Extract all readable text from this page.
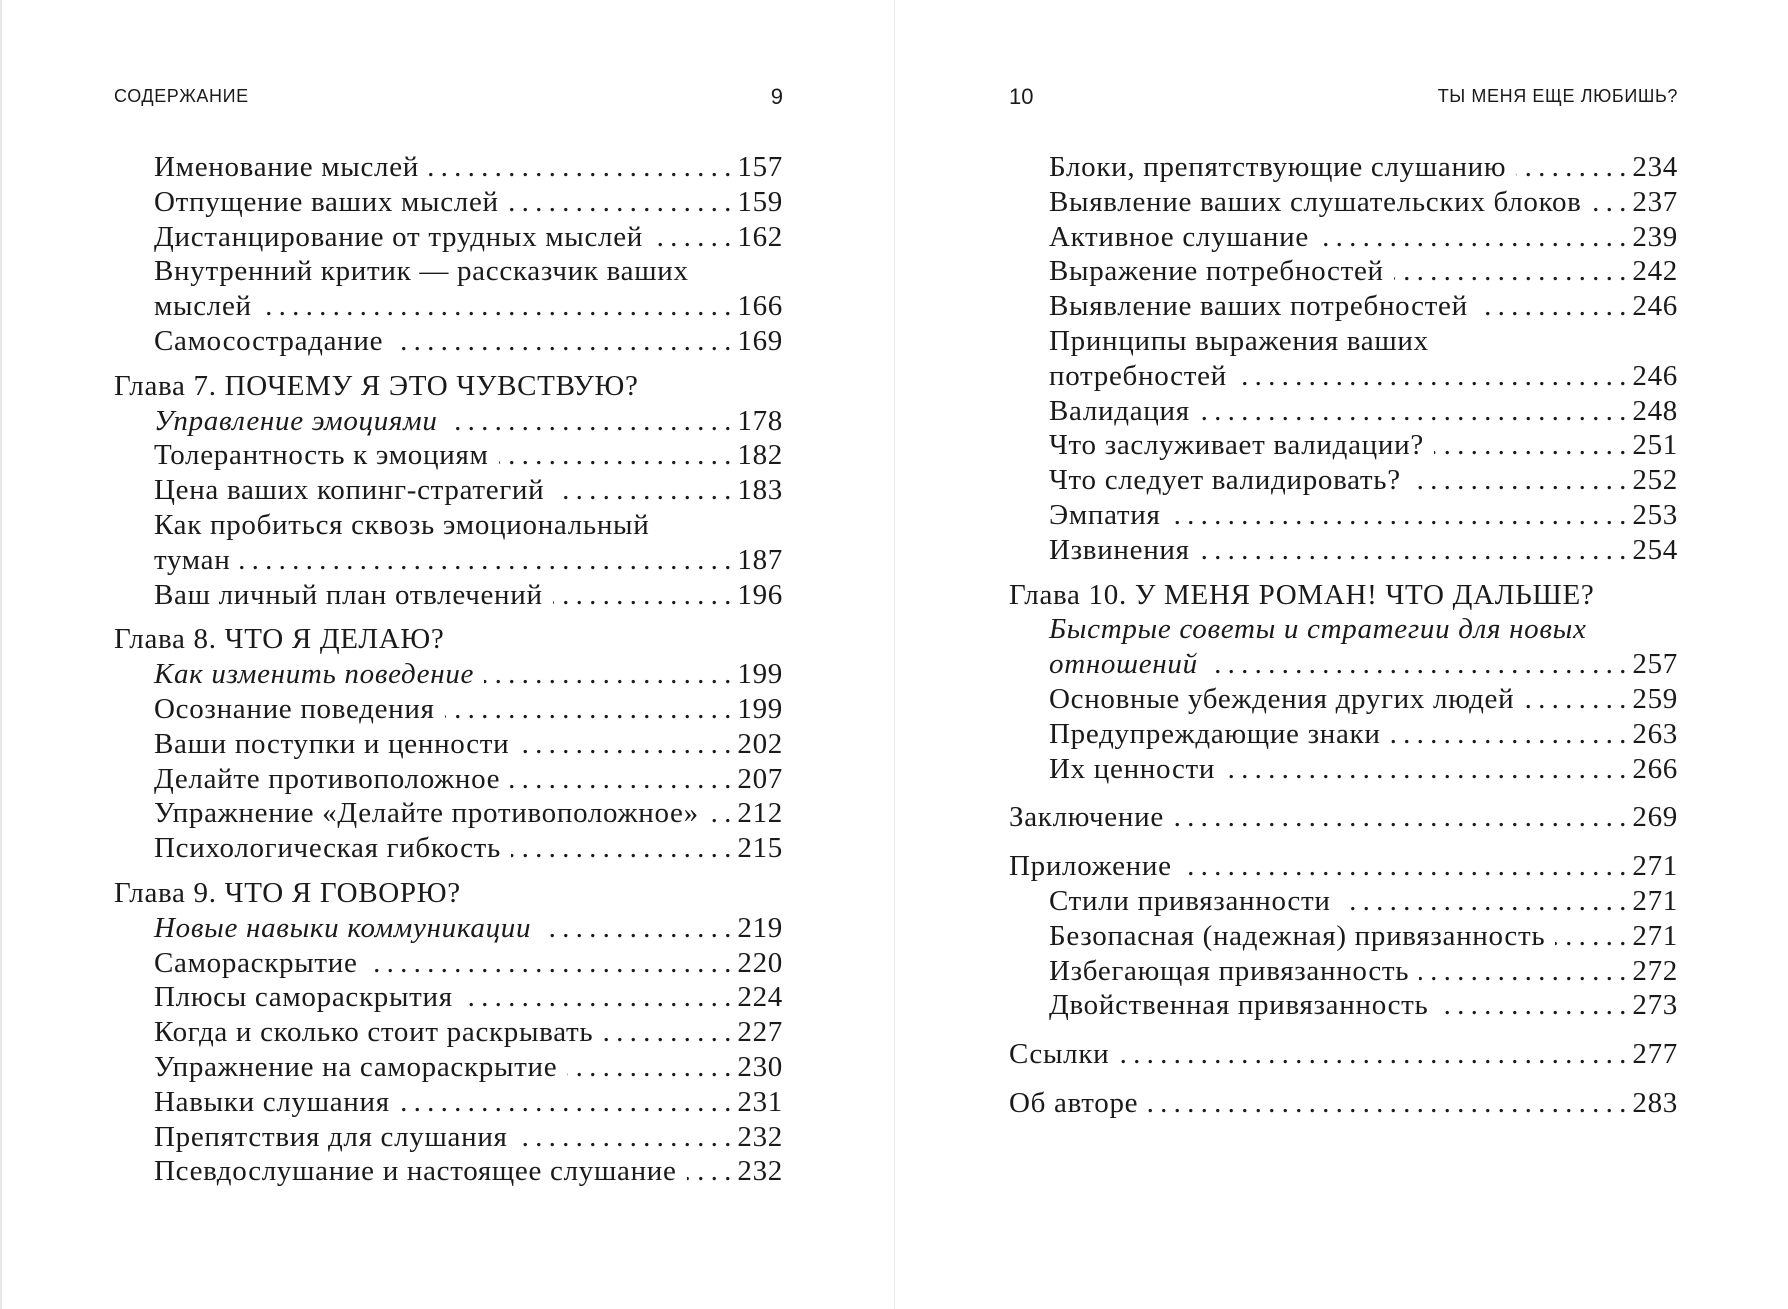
СОДЕРЖАНИЕ	9
Именование мыслей . . .	157
Отпущение ваших мыслей . . .	159
Дистанцирование от трудных мыслей . . .	162
Внутренний критик — рассказчик ваших
мыслей . . .	166
Самосострадание . . .	169
Глава 7. ПОЧЕМУ Я ЭТО ЧУВСТВУЮ?
Управление эмоциями . . .	178
Толерантность к эмоциям . . .	182
Цена ваших копинг-стратегий . . .	183
Как пробиться сквозь эмоциональный
туман . . .	187
Ваш личный план отвлечений . . .	196
Глава 8. ЧТО Я ДЕЛАЮ?
Как изменить поведение . . .	199
Осознание поведения . . .	199
Ваши поступки и ценности . . .	202
Делайте противоположное . . .	207
Упражнение «Делайте противоположное» . . . 212
Психологическая гибкость . . .	215
Глава 9. ЧТО Я ГОВОРЮ?
Новые навыки коммуникации . . .	219
Самораскрытие . . .	220
Плюсы самораскрытия . . .	224
Когда и сколько стоит раскрывать . . .	227
Упражнение на самораскрытие . . .	230
Навыки слушания . . .	231
Препятствия для слушания . . .	232
Псевдослушание и настоящее слушание . . . 232
ТЫ МЕНЯ ЕЩЕ ЛЮБИШЬ?
10
Блоки, препятствующие слушанию . . .	234
Выявление ваших слушательских блоков . . . 237
Активное слушание . . .	239
Выражение потребностей . . .	242
Выявление ваших потребностей . . .	246
Принципы выражения ваших
потребностей . . .	246
Валидация . . .	248
Что заслуживает валидации? . . .	251
Что следует валидировать? . . .	252
Эмпатия . . .	253
Извинения . . .	254
Глава 10. У МЕНЯ РОМАН! ЧТО ДАЛЬШЕ?
Быстрые советы и стратегии для новых
отношений . . .	257
Основные убеждения других людей . . .	259
Предупреждающие знаки . . .	263
Их ценности . . .	266
Заключение . . .	269
Приложение . . .	271
Стили привязанности . . .	271
Безопасная (надежная) привязанность . . .	271
Избегающая привязанность . . .	272
Двойственная привязанность . . .	273
Ссылки . . .	277
Об авторе . . .	283
